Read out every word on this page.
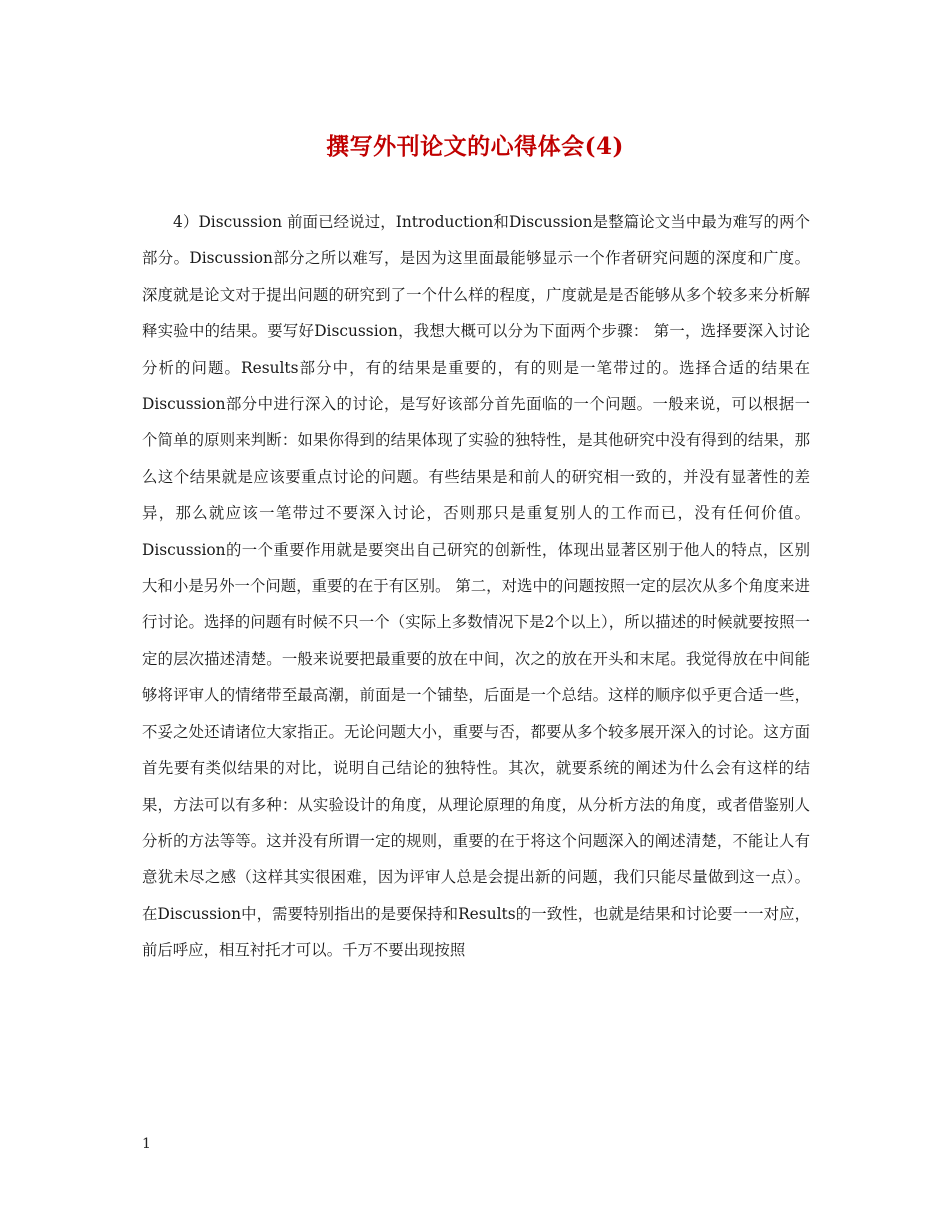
撰写外刊论文的心得体会(4)

4）Discussion 前面已经说过，Introduction和Discussion是整篇论文当中最为难写的两个部分。Discussion部分之所以难写，是因为这里面最能够显示一个作者研究问题的深度和广度。深度就是论文对于提出问题的研究到了一个什么样的程度，广度就是是否能够从多个较多来分析解释实验中的结果。要写好Discussion，我想大概可以分为下面两个步骤： 第一，选择要深入讨论分析的问题。Results部分中，有的结果是重要的，有的则是一笔带过的。选择合适的结果在Discussion部分中进行深入的讨论，是写好该部分首先面临的一个问题。一般来说，可以根据一个简单的原则来判断：如果你得到的结果体现了实验的独特性，是其他研究中没有得到的结果，那么这个结果就是应该要重点讨论的问题。有些结果是和前人的研究相一致的，并没有显著性的差异，那么就应该一笔带过不要深入讨论，否则那只是重复别人的工作而已，没有任何价值。Discussion的一个重要作用就是要突出自己研究的创新性，体现出显著区别于他人的特点，区别大和小是另外一个问题，重要的在于有区别。 第二，对选中的问题按照一定的层次从多个角度来进行讨论。选择的问题有时候不只一个（实际上多数情况下是2个以上），所以描述的时候就要按照一定的层次描述清楚。一般来说要把最重要的放在中间，次之的放在开头和末尾。我觉得放在中间能够将评审人的情绪带至最高潮，前面是一个铺垫，后面是一个总结。这样的顺序似乎更合适一些，不妥之处还请诸位大家指正。无论问题大小，重要与否，都要从多个较多展开深入的讨论。这方面首先要有类似结果的对比，说明自己结论的独特性。其次，就要系统的阐述为什么会有这样的结果，方法可以有多种：从实验设计的角度，从理论原理的角度，从分析方法的角度，或者借鉴别人分析的方法等等。这并没有所谓一定的规则，重要的在于将这个问题深入的阐述清楚，不能让人有意犹未尽之感（这样其实很困难，因为评审人总是会提出新的问题，我们只能尽量做到这一点）。 在Discussion中，需要特别指出的是要保持和Results的一致性，也就是结果和讨论要一一对应，前后呼应，相互衬托才可以。千万不要出现按照

1
